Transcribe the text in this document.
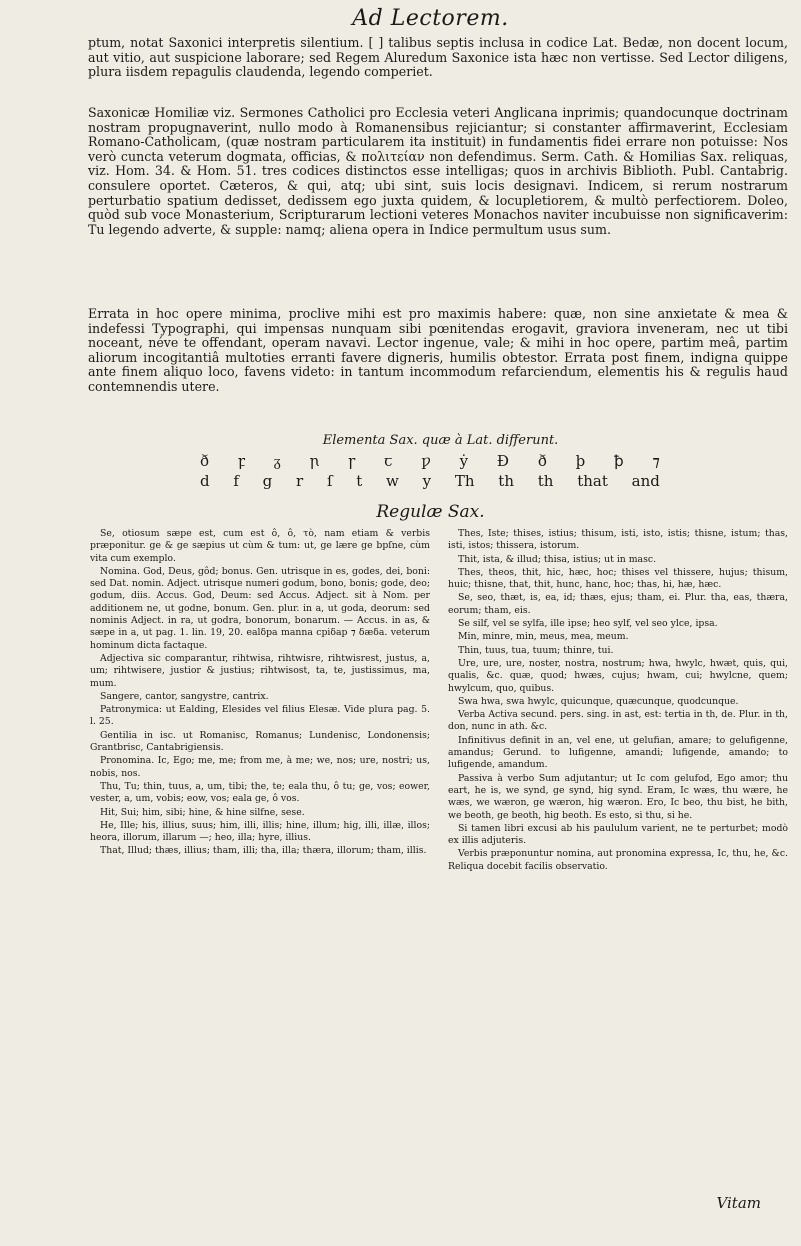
Ad Lectorem.
ptum, notat Saxonici interpretis silentium. [ ] talibus septis inclusa in codice Lat. Bedæ, non docent locum, aut vitio, aut suspicione laborare; sed Regem Aluredum Saxonice ista hæc non vertisse. Sed Lector diligens, plura iisdem repagulis claudenda, legendo comperiet.
Saxonicæ Homiliæ viz. Sermones Catholici pro Ecclesia veteri Anglicana inprimis; quandocunque doctrinam nostram propugnaverint, nullo modo à Romanensibus rejiciantur; si constanter affirmaverint, Ecclesiam Romano-Catholicam, (quæ nostram particularem ita instituit) in fundamentis fidei errare non potuisse: Nos verò cuncta veterum dogmata, officias, & πολιτείαν non defendimus. Serm. Cath. & Homilias Sax. reliquas, viz. Hom. 34. & Hom. 51. tres codices distinctos esse intelligas; quos in archivis Biblioth. Publ. Cantabrig. consulere oportet. Cæteros, & qui, atq; ubi sint, suis locis designavi. Indicem, si rerum nostrarum perturbatio spatium dedisset, dedissem ego juxta quidem, & locupletiorem, & multò perfectiorem. Doleo, quòd sub voce Monasterium, Scripturarum lectioni veteres Monachos naviter incubuisse non significaverim: Tu legendo adverte, & supple: namq; aliena opera in Indice permultum usus sum.
Errata in hoc opere minima, proclive mihi est pro maximis habere: quæ, non sine anxietate & mea & indefessi Typographi, qui impensas nunquam sibi pœnitendas erogavit, graviora inveneram, nec ut tibi noceant, néve te offendant, operam navavi. Lector ingenue, vale; & mihi in hoc opere, partim meâ, partim aliorum incogitantiâ multoties erranti favere digneris, humilis obtestor. Errata post finem, indigna quippe ante finem aliquo loco, favens videto: in tantum incommodum refarciendum, elementis his & regulis haud contemnendis utere.
Elementa Sax. quæ à Lat. differunt.
ð ꝼ ᵹ ꞃ ꞅ ꞇ ƿ ẏ Ð ð þ ꝥ ⁊
d f g r ſ t w y Th th th that and
Regulæ Sax.

Se, otiosum sæpe est, cum est ô, ô, τὸ, nam etiam & verbis præponitur. ge & ge sæpius ut cùm & tum: ut, ge lære ge bpſne, cùm vita cum exemplo.

Nomina. God, Deus, gôd; bonus. Gen. utrisque in es, godes, dei, boni: sed Dat. nomin. Adject. utrisque numeri godum, bono, bonis; gode, deo; godum, diis. Accus. God, Deum: sed Accus. Adject. sit à Nom. per additionem ne, ut godne, bonum. Gen. plur. in a, ut goda, deorum: sed nominis Adject. in ra, ut godra, bonorum, bonarum. — Accus. in as, & sæpe in a, ut pag. 1. lin. 19, 20. ealδpa manna cpiδap ⁊ δæδa. veterum hominum dicta factaque.

Adjectiva sic comparantur, rihtwisa, rihtwisre, rihtwisrest, justus, a, um; rihtwisere, justior & justius; rihtwisost, ta, te, justissimus, ma, mum.

Sangere, cantor, sangystre, cantrix.

Patronymica: ut Ealding, Elesides vel filius Elesæ. Vide plura pag. 5. l. 25.

Gentilia in isc. ut Romanisc, Romanus; Lundenisc, Londonensis; Grantbrisc, Cantabrigiensis.

Pronomina. Ic, Ego; me, me; from me, à me; we, nos; ure, nostri; us, nobis, nos.

Thu, Tu; thin, tuus, a, um, tibi; the, te; eala thu, ô tu; ge, vos; eower, vester, a, um, vobis; eow, vos; eala ge, ô vos.

Hit, Sui; him, sibi; hine, & hine silfne, sese.

He, Ille; his, illius, suus; him, illi, illis; hine, illum; hig, illi, illæ, illos; heora, illorum, illarum —; heo, illa; hyre, illius.

That, Illud; thæs, illius; tham, illi; tha, illa; thæra, illorum; tham, illis.

Thes, Iste; thises, istius; thisum, isti, isto, istis; thisne, istum; thas, isti, istos; thissera, istorum.

Thit, ista, & illud; thisa, istius; ut in masc.

Thes, theos, thit, hic, hæc, hoc; thises vel thissere, hujus; thisum, huic; thisne, that, thit, hunc, hanc, hoc; thas, hi, hæ, hæc.

Se, seo, thæt, is, ea, id; thæs, ejus; tham, ei. Plur. tha, eas, thæra, eorum; tham, eis.

Se silf, vel se sylfa, ille ipse; heo sylf, vel seo ylce, ipsa.

Min, minre, min, meus, mea, meum.

Thin, tuus, tua, tuum; thinre, tui.

Ure, ure, ure, noster, nostra, nostrum; hwa, hwylc, hwæt, quis, qui, qualis, &c. quæ, quod; hwæs, cujus; hwam, cui; hwylcne, quem; hwylcum, quo, quibus.

Swa hwa, swa hwylc, quicunque, quæcunque, quodcunque.

Verba Activa secund. pers. sing. in ast, est: tertia in th, de. Plur. in th, don, nunc in ath. &c.

Infinitivus definit in an, vel ene, ut gelufian, amare; to gelufigenne, amandus; Gerund. to lufigenne, amandi; lufigende, amando; to lufigende, amandum.

Passiva à verbo Sum adjutantur; ut Ic com gelufod, Ego amor; thu eart, he is, we synd, ge synd, hig synd. Eram, Ic wæs, thu wære, he wæs, we wæron, ge wæron, hig wæron. Ero, Ic beo, thu bist, he bith, we beoth, ge beoth, hig beoth. Es esto, si thu, si he.

Si tamen libri excusi ab his paululum varient, ne te perturbet; modò ex illis adjuteris.

Verbis præponuntur nomina, aut pronomina expressa, Ic, thu, he, &c. Reliqua docebit facilis observatio.

Vitam
